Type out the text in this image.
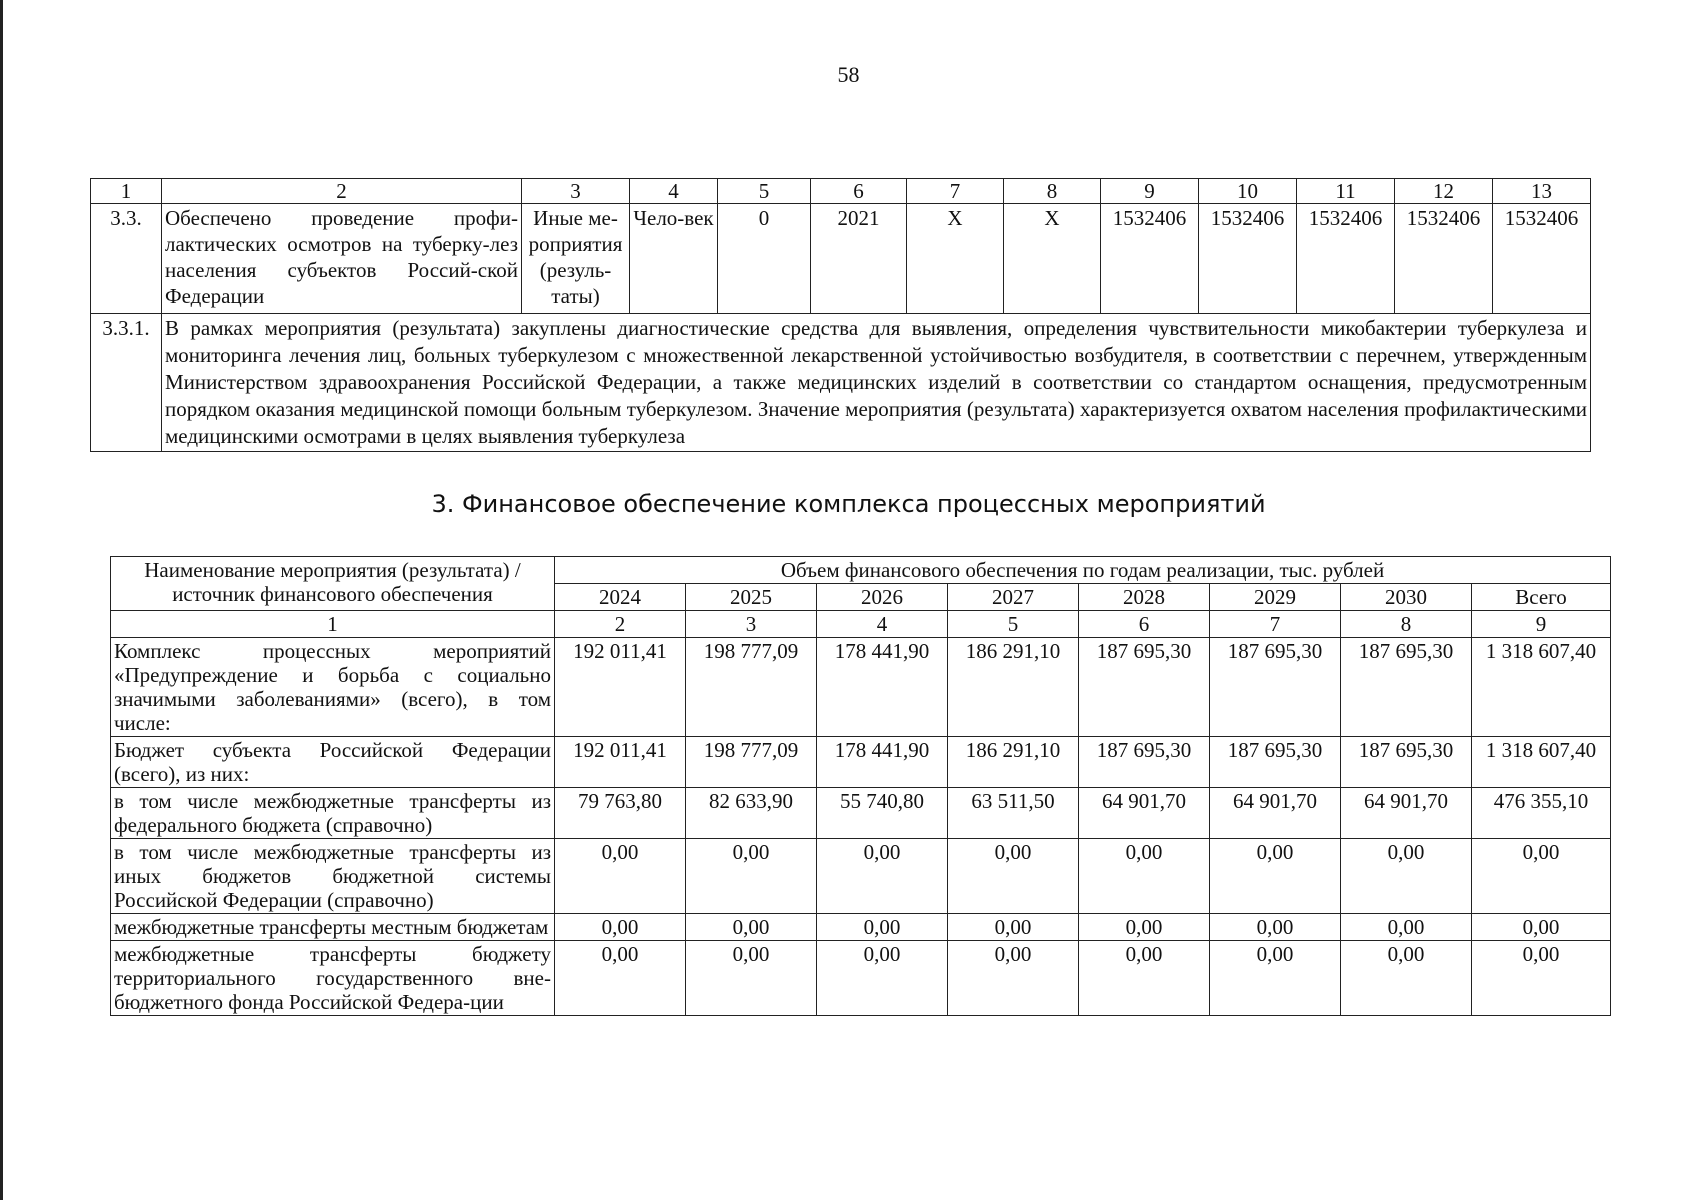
58
1	2	3	4	5	6	7	8	9	10	11	12	13
3.3.	Обеспечено проведение профи-лактических осмотров на туберку-лез населения субъектов Россий-ской Федерации	Иные ме-роприятия (резуль-таты)	Чело-век	0	2021	X	X	1532406	1532406	1532406	1532406	1532406
3.3.1.	В рамках мероприятия (результата) закуплены диагностические средства для выявления, определения чувствительности микобактерии туберкулеза и мониторинга лечения лиц, больных туберкулезом с множественной лекарственной устойчивостью возбудителя, в соответствии с перечнем, утвержденным Министерством здравоохранения Российской Федерации, а также медицинских изделий в соответствии со стандартом оснащения, предусмотренным порядком оказания медицинской помощи больным туберкулезом. Значение мероприятия (результата) характеризуется охватом населения профилактическими медицинскими осмотрами в целях выявления туберкулеза											
3. Финансовое обеспечение комплекса процессных мероприятий
Наименование мероприятия (результата) / источник финансового обеспечения	Объем финансового обеспечения по годам реализации, тыс. рублей							
	2024	2025	2026	2027	2028	2029	2030	Всего
1	2	3	4	5	6	7	8	9
Комплекс процессных мероприятий «Предупреждение и борьба с социально значимыми заболеваниями» (всего), в том числе:	192 011,41	198 777,09	178 441,90	186 291,10	187 695,30	187 695,30	187 695,30	1 318 607,40
Бюджет субъекта Российской Федерации (всего), из них:	192 011,41	198 777,09	178 441,90	186 291,10	187 695,30	187 695,30	187 695,30	1 318 607,40
в том числе межбюджетные трансферты из федерального бюджета (справочно)	79 763,80	82 633,90	55 740,80	63 511,50	64 901,70	64 901,70	64 901,70	476 355,10
в том числе межбюджетные трансферты из иных бюджетов бюджетной системы Российской Федерации (справочно)	0,00	0,00	0,00	0,00	0,00	0,00	0,00	0,00
межбюджетные трансферты местным бюджетам	0,00	0,00	0,00	0,00	0,00	0,00	0,00	0,00
межбюджетные трансферты бюджету территориального государственного вне-бюджетного фонда Российской Федера-ции	0,00	0,00	0,00	0,00	0,00	0,00	0,00	0,00
